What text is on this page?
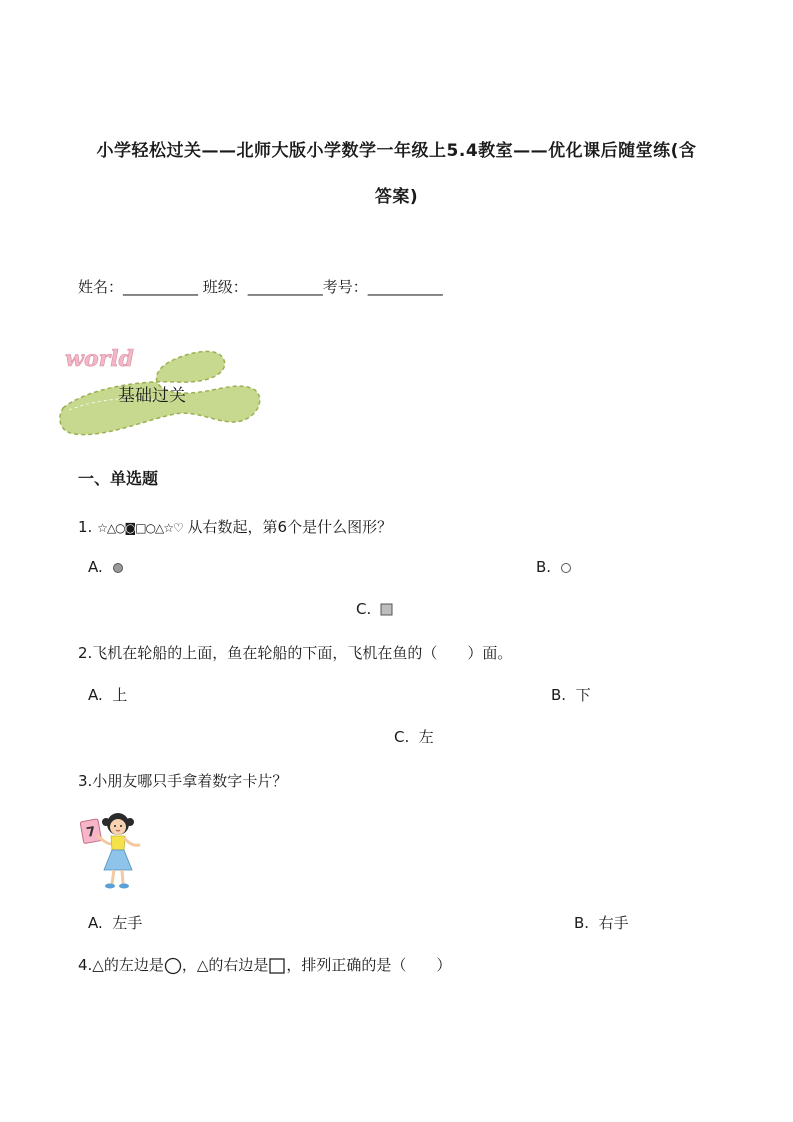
小学轻松过关——北师大版小学数学一年级上5.4教室——优化课后随堂练(含
答案)
姓名：__________ 班级：__________考号：__________
world
基础过关
一、单选题
1. ☆△○◙□○△☆♡ 从右数起，第6个是什么图形？
A.	B.
C.
2.飞机在轮船的上面，鱼在轮船的下面，飞机在鱼的（　　）面。
A. 上	B. 下
C. 左
3.小朋友哪只手拿着数字卡片？
7
A. 左手	B. 右手
4.△的左边是 ，△的右边是 ，排列正确的是（　　）
